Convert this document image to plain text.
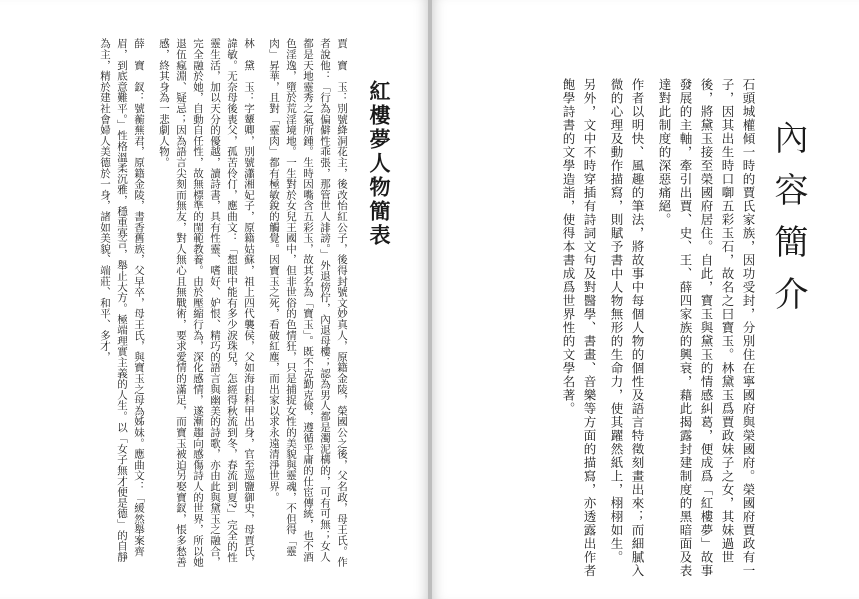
紅樓夢人物簡表

賈　寶　玉：別號絳洞花主，後改怡紅公子，後得封號文妙真人，原籍金陵，榮國公之後，父名政，母王氏。作者說他：「行為偏僻性乖張，那管世人誹謗。」外退傍佇，內退母樓；認為男人都是濁泥構的，可有可無；女人都是天地靈秀之氣所鍾。生時因嘴含五彩玉，故其名為「寶玉」。既不克勤克儉，遵循乎庸的仕宦傳統，也不酒色淫逸，墮於荒淫境地。一生對於女兒王國中，但非世俗的色情狂，只是捕捉女性的美貌與靈魂，不但得「靈肉」昇華，且對「靈肉」都有極敏銳的觸覺。因寶玉之死，看破紅塵，而出家以求永遠清淨世界。

林　黛　玉：字顰卿，別號瀟湘妃子，原籍姑蘇，祖上四代襲侯，父如海由科甲出身，官至巡鹽御史，母賈氏，諱敏。无奈母後喪父，孤苦伶仃，應曲文：「想眼中能有多少淚珠兒，怎經得秋流到冬，春流到夏?」完全的性靈生活，加以天分的優越，讀詩書，具有性靈、嗜好、妒恨、精巧的語言與幽美的詩歌，亦由此與黛玉之融合，完全融於她，自動自任性，故無標準的閨範教養。由於壓縮行為，深化感情，遂漸趨向感傷詩人的世界，所以她退伍瘋淵、疑忌；因為語言尖刻而無友，對人無心且無戰術，要求愛情的滿足，而寶玉被迫另娶寶釵，悵多愁善感，終其身為一悲劇人物。

薛　寶　釵：號蘅蕪君，原籍金陵，書香舊族，父早卒，母王氏，與寶玉之母為姊妹。應曲文：「緩然舉案齊眉，到底意難平。」性格溫柔沉雅，穩重寡言，舉止大方。極端理實主義的人生。以「女子無才便是德」的自靜為主，精於建社會婦人美德於一身，諸如美貌、端莊、和平、多才，	內容簡介

石頭城權傾一時的賈氏家族，因功受封，分別住在寧國府與榮國府。榮國府賈政有一子，因其出生時口啣五彩玉石，故名之曰寶玉。林黛玉爲賈政妹子之女，其妹過世後，將黛玉接至榮國府居住。自此，寶玉與黛玉的情感糾葛，便成爲「紅樓夢」故事發展的主軸，牽引出賈、史、王、薛四家族的興衰，藉此揭露封建制度的黑暗面及表達對此制度的深惡痛絕。

作者以明快、風趣的筆法，將故事中每個人物的個性及語言特徵刻畫出來；而細膩入微的心理及動作描寫，則賦予書中人物無形的生命力，使其躍然紙上，栩栩如生。

另外，文中不時穿插有詩詞文句及對醫學、書畫、音樂等方面的描寫，亦透露出作者飽學詩書的文學造詣，使得本書成爲世界性的文學名著。
